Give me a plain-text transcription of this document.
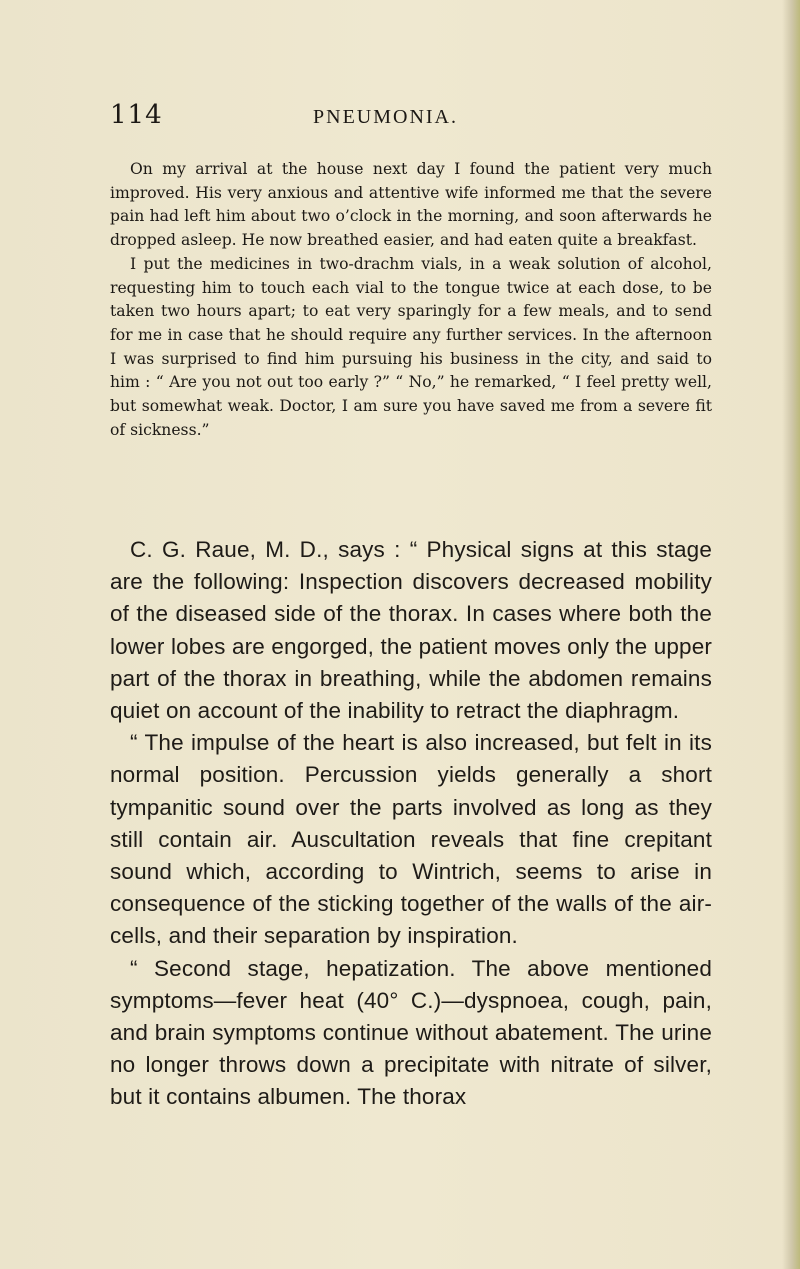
114	PNEUMONIA.

On my arrival at the house next day I found the patient very much improved. His very anxious and attentive wife informed me that the severe pain had left him about two o’clock in the morning, and soon afterwards he dropped asleep. He now breathed easier, and had eaten quite a breakfast.

I put the medicines in two-drachm vials, in a weak solution of alcohol, requesting him to touch each vial to the tongue twice at each dose, to be taken two hours apart; to eat very sparingly for a few meals, and to send for me in case that he should require any further services. In the afternoon I was surprised to find him pursuing his business in the city, and said to him : “ Are you not out too early ?” “ No,” he remarked, “ I feel pretty well, but somewhat weak. Doctor, I am sure you have saved me from a severe fit of sickness.”

C. G. Raue, M. D., says : “ Physical signs at this stage are the following: Inspection discovers decreased mobility of the diseased side of the thorax. In cases where both the lower lobes are engorged, the patient moves only the upper part of the thorax in breathing, while the abdomen remains quiet on account of the inability to retract the diaphragm.

“ The impulse of the heart is also increased, but felt in its normal position. Percussion yields generally a short tympanitic sound over the parts involved as long as they still contain air. Auscultation reveals that fine crepitant sound which, according to Wintrich, seems to arise in consequence of the sticking together of the walls of the air-cells, and their separation by inspiration.

“ Second stage, hepatization. The above mentioned symptoms—fever heat (40° C.)—dyspnoea, cough, pain, and brain symptoms continue without abatement. The urine no longer throws down a precipitate with nitrate of silver, but it contains albumen. The thorax
